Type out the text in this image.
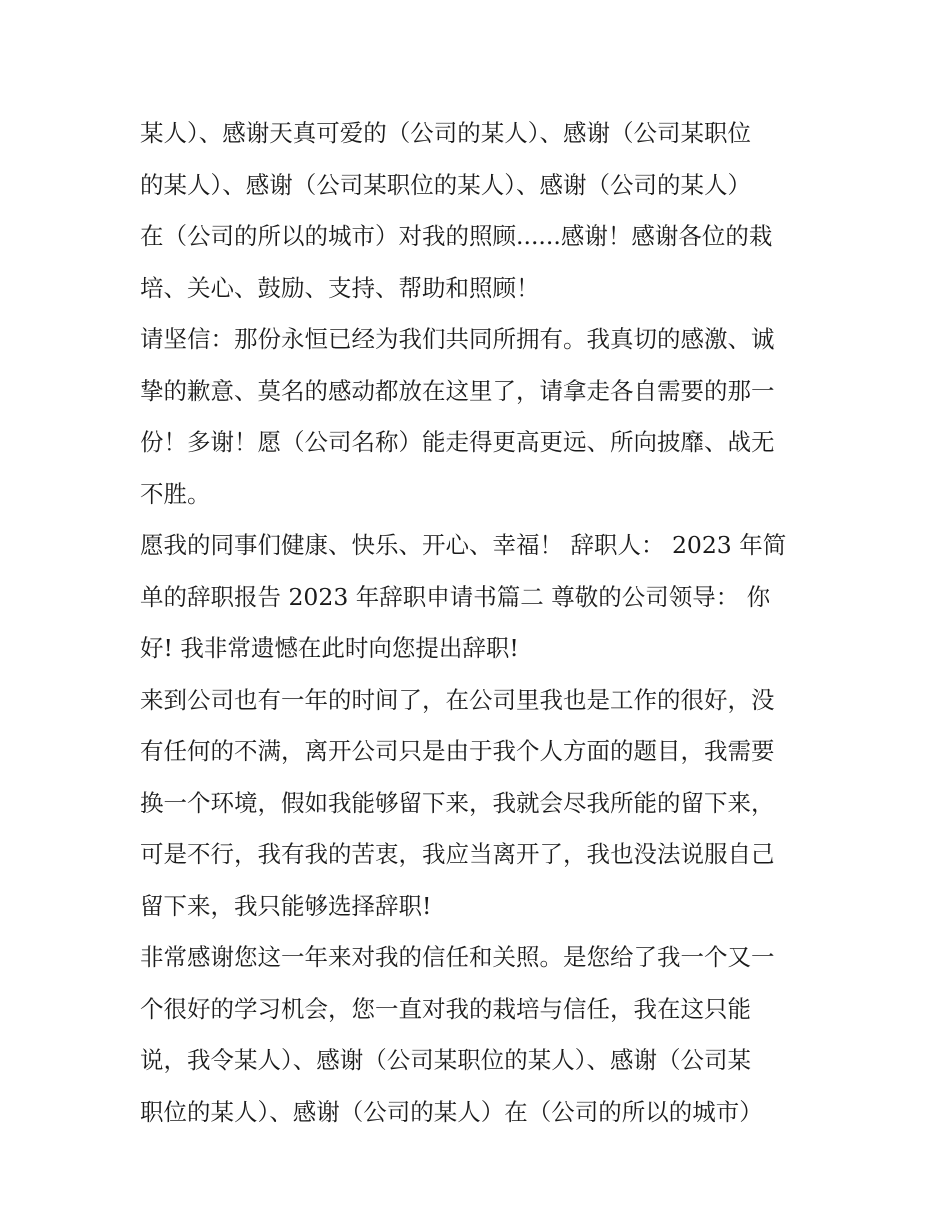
某人）、感谢天真可爱的（公司的某人）、感谢（公司某职位
的某人）、感谢（公司某职位的某人）、感谢（公司的某人）
在（公司的所以的城市）对我的照顾......感谢！感谢各位的栽
培、关心、鼓励、支持、帮助和照顾！
请坚信：那份永恒已经为我们共同所拥有。我真切的感激、诚
挚的歉意、莫名的感动都放在这里了，请拿走各自需要的那一
份！多谢！愿（公司名称）能走得更高更远、所向披靡、战无
不胜。
愿我的同事们健康、快乐、开心、幸福！ 辞职人： 2023 年简
单的辞职报告 2023 年辞职申请书篇二 尊敬的公司领导： 你
好! 我非常遗憾在此时向您提出辞职!
来到公司也有一年的时间了，在公司里我也是工作的很好，没
有任何的不满，离开公司只是由于我个人方面的题目，我需要
换一个环境，假如我能够留下来，我就会尽我所能的留下来，
可是不行，我有我的苦衷，我应当离开了，我也没法说服自己
留下来，我只能够选择辞职!
非常感谢您这一年来对我的信任和关照。是您给了我一个又一
个很好的学习机会，您一直对我的栽培与信任，我在这只能
说，我令某人）、感谢（公司某职位的某人）、感谢（公司某
职位的某人）、感谢（公司的某人）在（公司的所以的城市）
